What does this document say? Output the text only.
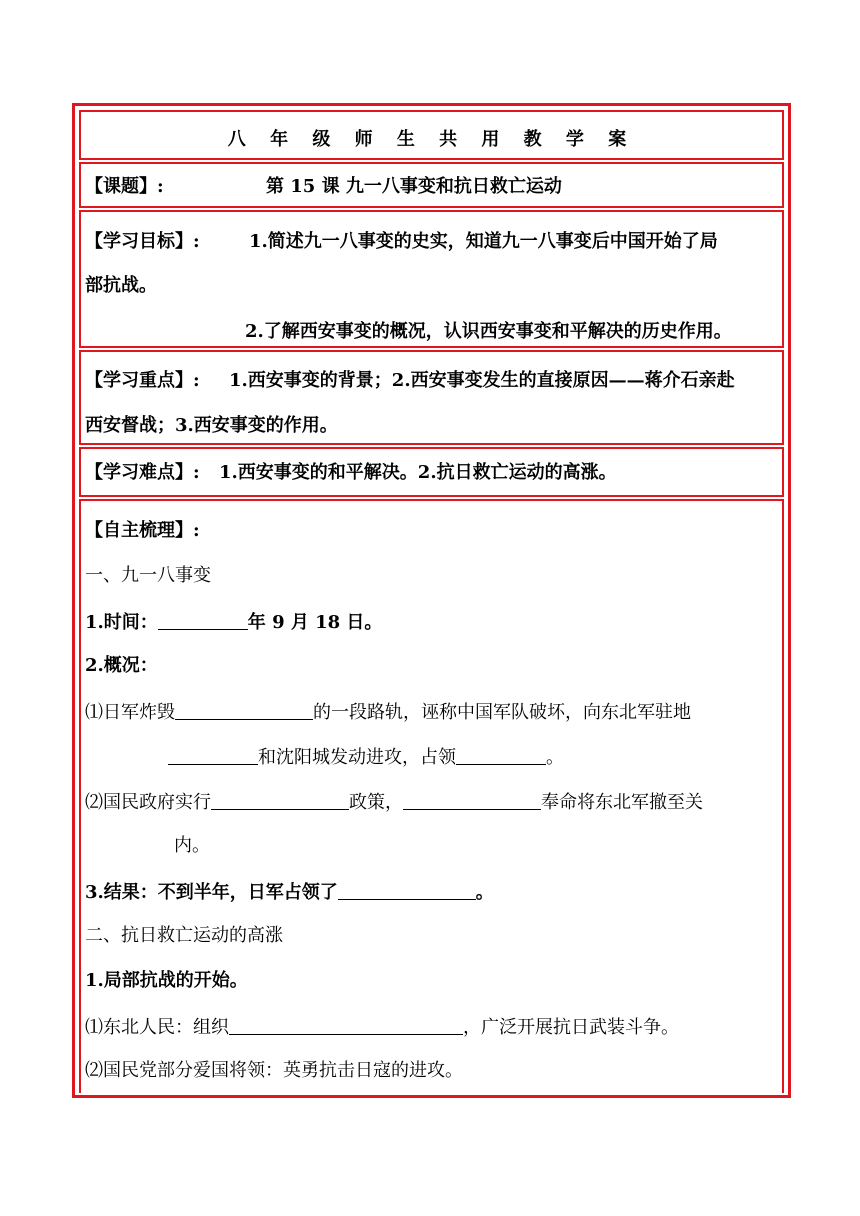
八 年 级 师 生 共 用 教 学 案
【课题】:	第 15 课 九一八事变和抗日救亡运动
【学习目标】:	1.简述九一八事变的史实，知道九一八事变后中国开始了局
部抗战。
2.了解西安事变的概况，认识西安事变和平解决的历史作用。
【学习重点】: 1.西安事变的背景；2.西安事变发生的直接原因——蒋介石亲赴
西安督战；3.西安事变的作用。
【学习难点】: 1.西安事变的和平解决。2.抗日救亡运动的高涨。
【自主梳理】:
一、九一八事变
1.时间：	年 9 月 18 日。
2.概况：
⑴日军炸毁	的一段路轨，诬称中国军队破坏，向东北军驻地
和沈阳城发动进攻，占领	。
⑵国民政府实行	政策，	奉命将东北军撤至关
内。
3.结果：不到半年，日军占领了	。
二、抗日救亡运动的高涨
1.局部抗战的开始。
⑴东北人民：组织	，广泛开展抗日武装斗争。
⑵国民党部分爱国将领：英勇抗击日寇的进攻。
